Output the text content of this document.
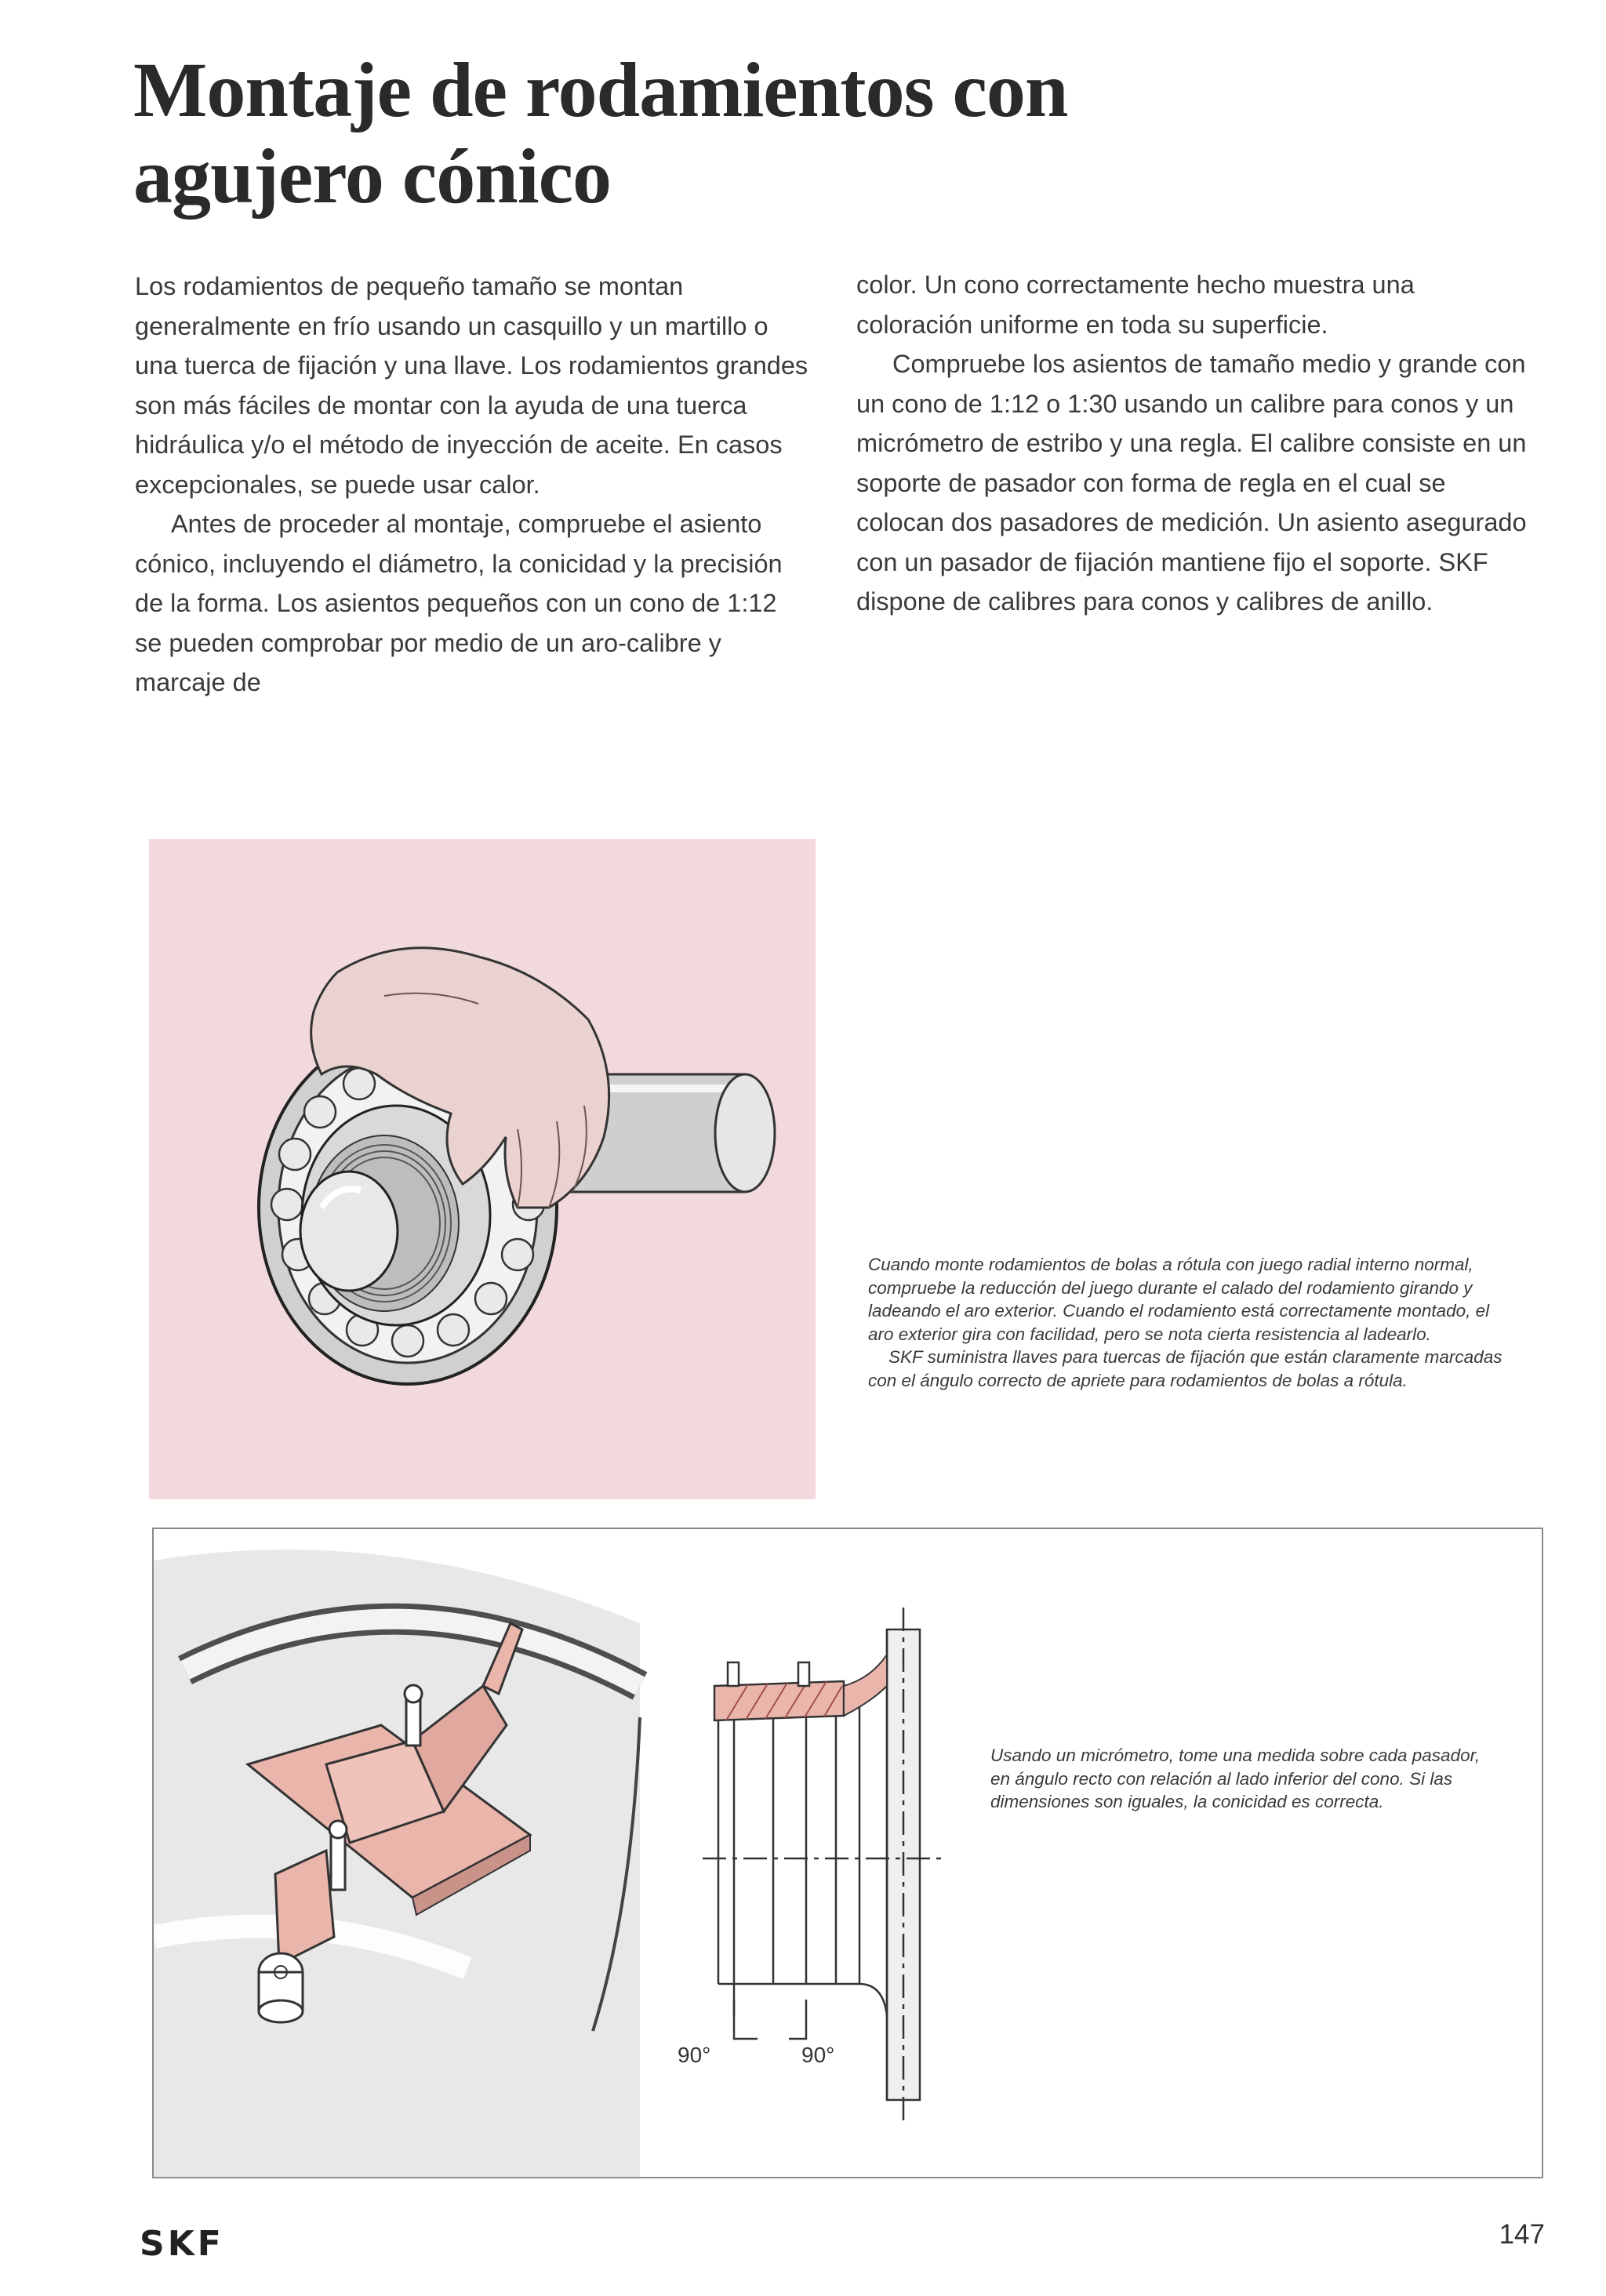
Montaje de rodamientos con
agujero cónico

Los rodamientos de pequeño tamaño se montan generalmente en frío usando un casquillo y un martillo o una tuerca de fijación y una llave. Los rodamientos grandes son más fáciles de montar con la ayuda de una tuerca hidráulica y/o el método de inyección de aceite. En casos excepcionales, se puede usar calor.

Antes de proceder al montaje, compruebe el asiento cónico, incluyendo el diámetro, la conicidad y la precisión de la forma. Los asientos pequeños con un cono de 1:12 se pueden comprobar por medio de un aro-calibre y marcaje de

color. Un cono correctamente hecho muestra una coloración uniforme en toda su superficie.

Compruebe los asientos de tamaño medio y grande con un cono de 1:12 o 1:30 usando un calibre para conos y un micrómetro de estribo y una regla. El calibre consiste en un soporte de pasador con forma de regla en el cual se colocan dos pasadores de medición. Un asiento asegurado con un pasador de fijación mantiene fijo el soporte. SKF dispone de calibres para conos y calibres de anillo.

Cuando monte rodamientos de bolas a rótula con juego radial interno normal, compruebe la reducción del juego durante el calado del rodamiento girando y ladeando el aro exterior. Cuando el rodamiento está correctamente montado, el aro exterior gira con facilidad, pero se nota cierta resistencia al ladearlo.

SKF suministra llaves para tuercas de fijación que están claramente marcadas con el ángulo correcto de apriete para rodamientos de bolas a rótula.

90°	90°

Usando un micrómetro, tome una medida sobre cada pasador, en ángulo recto con relación al lado inferior del cono. Si las dimensiones son iguales, la conicidad es correcta.

SKF	147
